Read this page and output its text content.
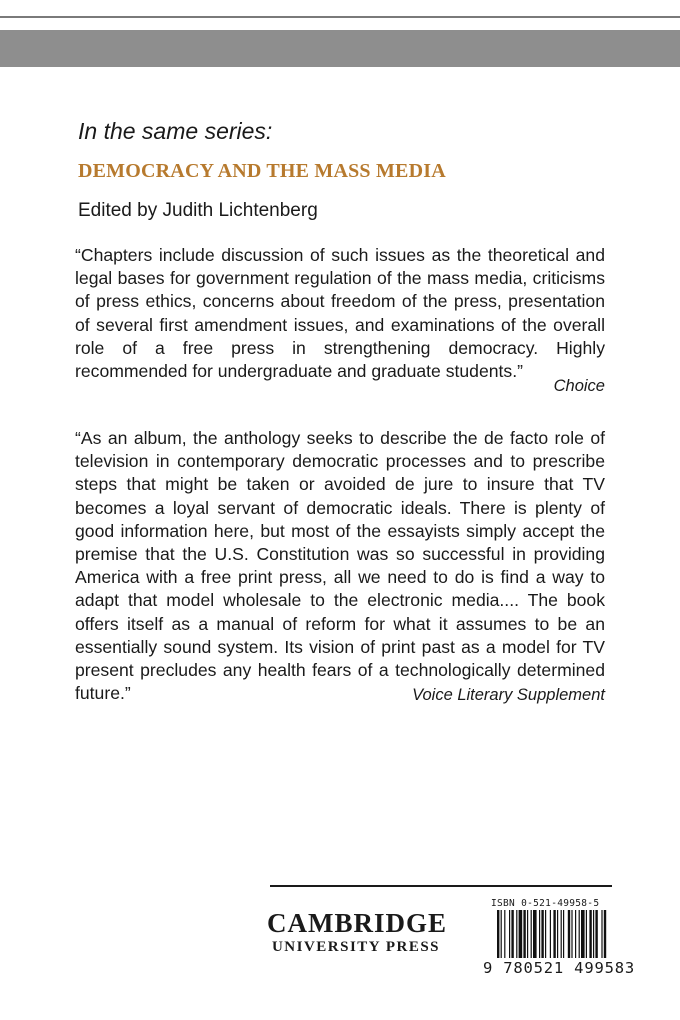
In the same series:
DEMOCRACY AND THE MASS MEDIA
Edited by Judith Lichtenberg

“Chapters include discussion of such issues as the theoretical and legal bases for government regulation of the mass media, criticisms of press ethics, concerns about freedom of the press, presentation of several first amendment issues, and examinations of the overall role of a free press in strengthening democracy. Highly recommended for undergraduate and graduate students.”

Choice

“As an album, the anthology seeks to describe the de facto role of television in contemporary democratic processes and to prescribe steps that might be taken or avoided de jure to insure that TV becomes a loyal servant of democratic ideals. There is plenty of good information here, but most of the essayists simply accept the premise that the U.S. Constitution was so successful in providing America with a free print press, all we need to do is find a way to adapt that model wholesale to the electronic media.... The book offers itself as a manual of reform for what it assumes to be an essentially sound system. Its vision of print past as a model for TV present precludes any health fears of a technologically determined future.”	Voice Literary Supplement
CAMBRIDGE
UNIVERSITY PRESS
ISBN 0-521-49958-5
9 780521 499583
